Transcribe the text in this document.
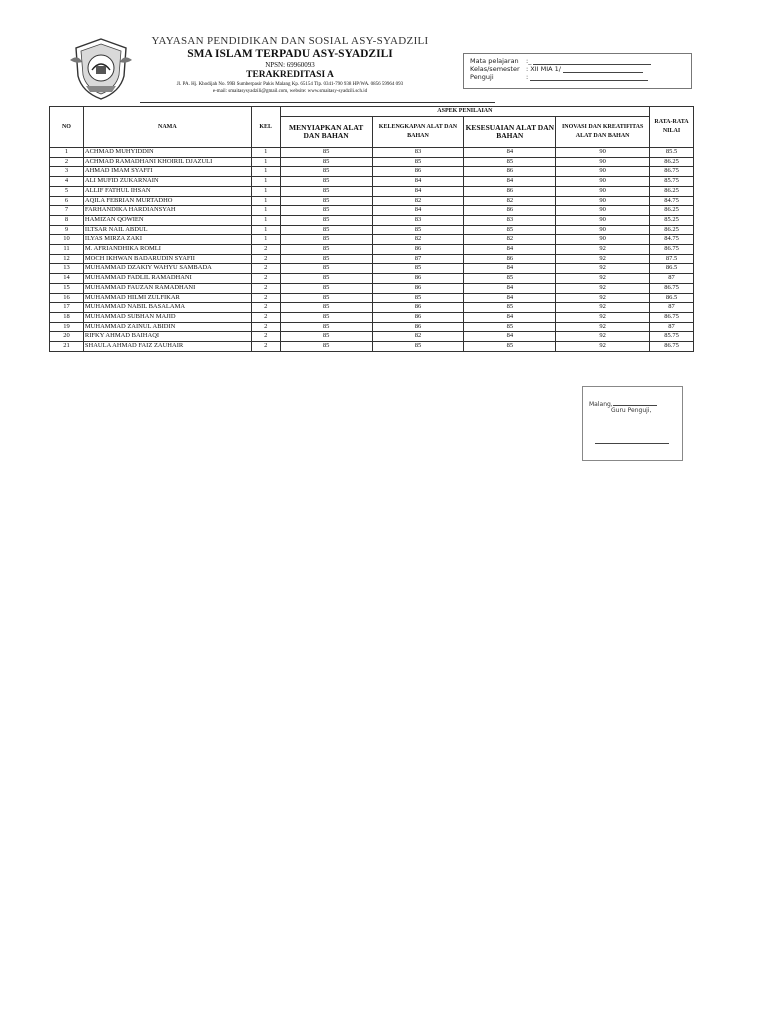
YAYASAN PENDIDIKAN DAN SOSIAL ASY-SYADZILI
SMA ISLAM TERPADU ASY-SYADZILI
NPSN: 69960093
TERAKREDITASI A
Jl. PA. Hj. Khodijah No. 99B Sumberpasir Pakis Malang Kp. 65154 Tlp. 0341-790 938 HP/WA. 0856 59964 093
e-mail: smaitasysyadzili@gmail.com, website: www.smaitasy-syadzili.sch.id
Mata pelajaran	:_
Kelas/semester : XII MIA 1/
Penguji	:
NO	NAMA	KEL	ASPEK PENILAIAN				RATA-RATA NILAI
			MENYIAPKAN ALAT DAN BAHAN	KELENGKAPAN ALAT DAN BAHAN	KESESUAIAN ALAT DAN BAHAN	INOVASI DAN KREATIFITAS ALAT DAN BAHAN	
1	ACHMAD MUHYIDDIN	1	85	83	84	90	85.5
2	ACHMAD RAMADHANI KHOIRIL DJAZULI	1	85	85	85	90	86.25
3	AHMAD IMAM SYAFI'I	1	85	86	86	90	86.75
4	ALI MUFID ZUKARNAIN	1	85	84	84	90	85.75
5	ALLIF FATHUL IHSAN	1	85	84	86	90	86.25
6	AQILA FEBRIAN MURTADHO	1	85	82	82	90	84.75
7	FARHANDIKA HARDIANSYAH	1	85	84	86	90	86.25
8	HAMIZAN QOWIEN	1	85	83	83	90	85.25
9	ILTSAR NAIL ABDUL	1	85	85	85	90	86.25
10	ILYAS MIRZA ZAKI	1	85	82	82	90	84.75
11	M. AFRIANDHIKA ROMLI	2	85	86	84	92	86.75
12	MOCH IKHWAN BADARUDIN SYAFII	2	85	87	86	92	87.5
13	MUHAMMAD DZAKIY WAHYU SAMBADA	2	85	85	84	92	86.5
14	MUHAMMAD FADLIL RAMADHANI	2	85	86	85	92	87
15	MUHAMMAD FAUZAN RAMADHANI	2	85	86	84	92	86.75
16	MUHAMMAD HILMI ZULFIKAR	2	85	85	84	92	86.5
17	MUHAMMAD NABIL BASALAMA	2	85	86	85	92	87
18	MUHAMMAD SUBHAN MAJID	2	85	86	84	92	86.75
19	MUHAMMAD ZAINUL ABIDIN	2	85	86	85	92	87
20	RIFKY AHMAD BAIHAQI	2	85	82	84	92	85.75
21	SHAULA AHMAD FAIZ ZAUHAIR	2	85	85	85	92	86.75
Malang,
Guru Penguji,
